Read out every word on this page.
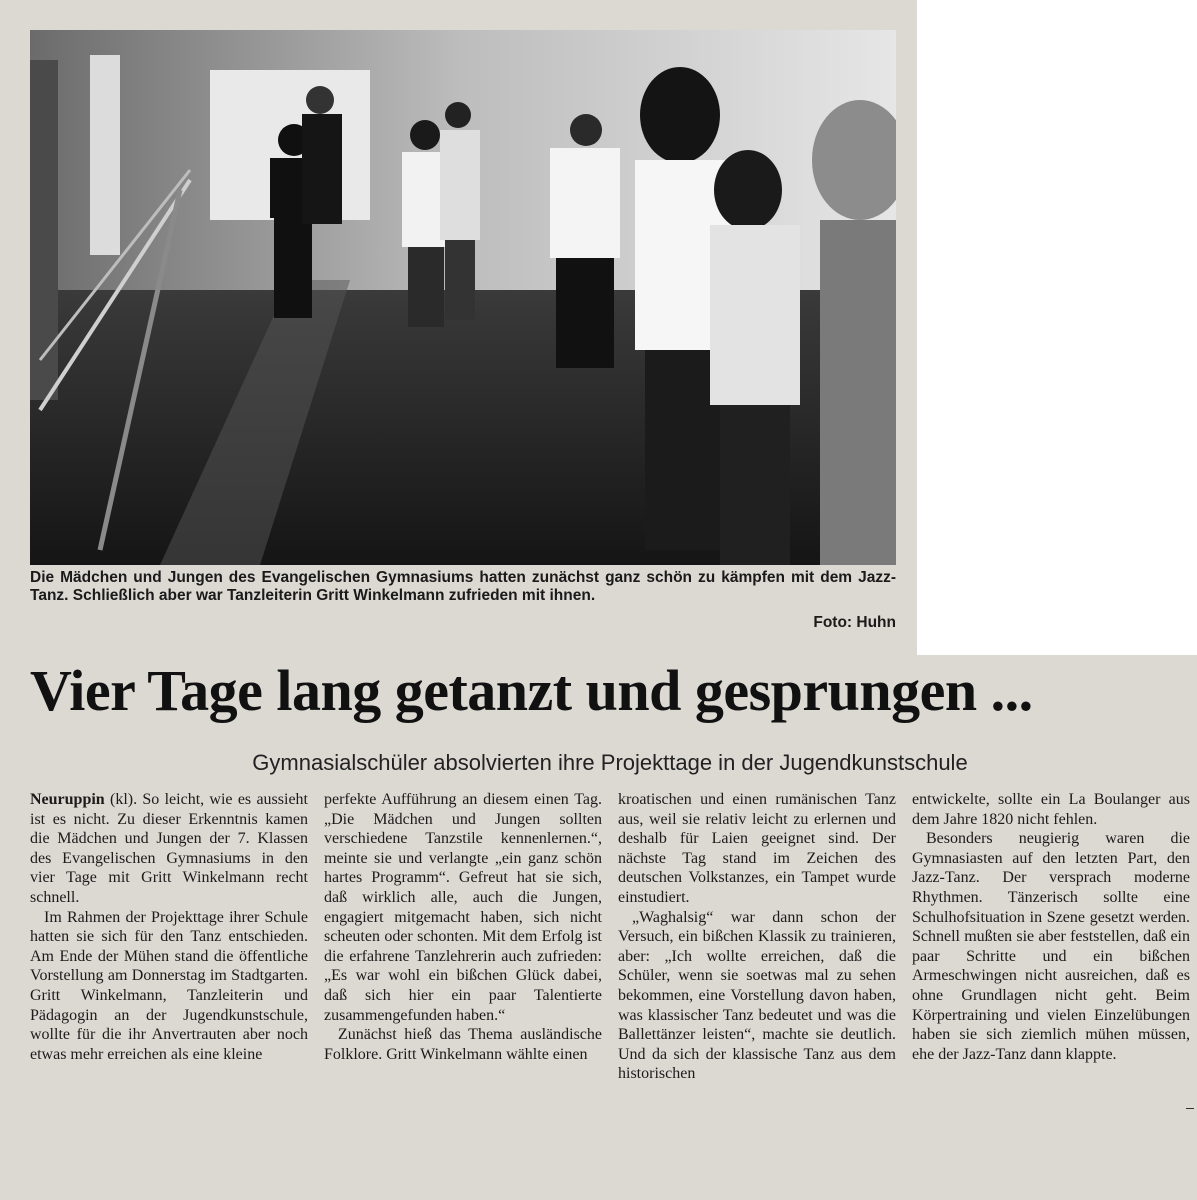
Die Mädchen und Jungen des Evangelischen Gymnasiums hatten zunächst ganz schön zu kämpfen mit dem Jazz-Tanz. Schließlich aber war Tanzleiterin Gritt Winkelmann zufrieden mit ihnen.
Foto: Huhn
Vier Tage lang getanzt und gesprungen ...
Gymnasialschüler absolvierten ihre Projekttage in der Jugendkunstschule

Neuruppin (kl). So leicht, wie es aussieht ist es nicht. Zu dieser Erkenntnis kamen die Mädchen und Jungen der 7. Klassen des Evangelischen Gymnasiums in den vier Tage mit Gritt Winkelmann recht schnell.

Im Rahmen der Projekttage ihrer Schule hatten sie sich für den Tanz entschieden. Am Ende der Mühen stand die öffentliche Vorstellung am Donnerstag im Stadtgarten. Gritt Winkelmann, Tanzleiterin und Pädagogin an der Jugendkunstschule, wollte für die ihr Anvertrauten aber noch etwas mehr erreichen als eine kleine

perfekte Aufführung an diesem einen Tag. „Die Mädchen und Jungen sollten verschiedene Tanzstile kennenlernen.“, meinte sie und verlangte „ein ganz schön hartes Programm“. Gefreut hat sie sich, daß wirklich alle, auch die Jungen, engagiert mitgemacht haben, sich nicht scheuten oder schonten. Mit dem Erfolg ist die erfahrene Tanzlehrerin auch zufrieden: „Es war wohl ein bißchen Glück dabei, daß sich hier ein paar Talentierte zusammengefunden haben.“

Zunächst hieß das Thema ausländische Folklore. Gritt Winkelmann wählte einen

kroatischen und einen rumänischen Tanz aus, weil sie relativ leicht zu erlernen und deshalb für Laien geeignet sind. Der nächste Tag stand im Zeichen des deutschen Volkstanzes, ein Tampet wurde einstudiert.

„Waghalsig“ war dann schon der Versuch, ein bißchen Klassik zu trainieren, aber: „Ich wollte erreichen, daß die Schüler, wenn sie soetwas mal zu sehen bekommen, eine Vorstellung davon haben, was klassischer Tanz bedeutet und was die Ballettänzer leisten“, machte sie deutlich. Und da sich der klassische Tanz aus dem historischen

entwickelte, sollte ein La Boulanger aus dem Jahre 1820 nicht fehlen.

Besonders neugierig waren die Gymnasiasten auf den letzten Part, den Jazz-Tanz. Der versprach moderne Rhythmen. Tänzerisch sollte eine Schulhofsituation in Szene gesetzt werden. Schnell mußten sie aber feststellen, daß ein paar Schritte und ein bißchen Armeschwingen nicht ausreichen, daß es ohne Grundlagen nicht geht. Beim Körpertraining und vielen Einzelübungen haben sie sich ziemlich mühen müssen, ehe der Jazz-Tanz dann klappte.
